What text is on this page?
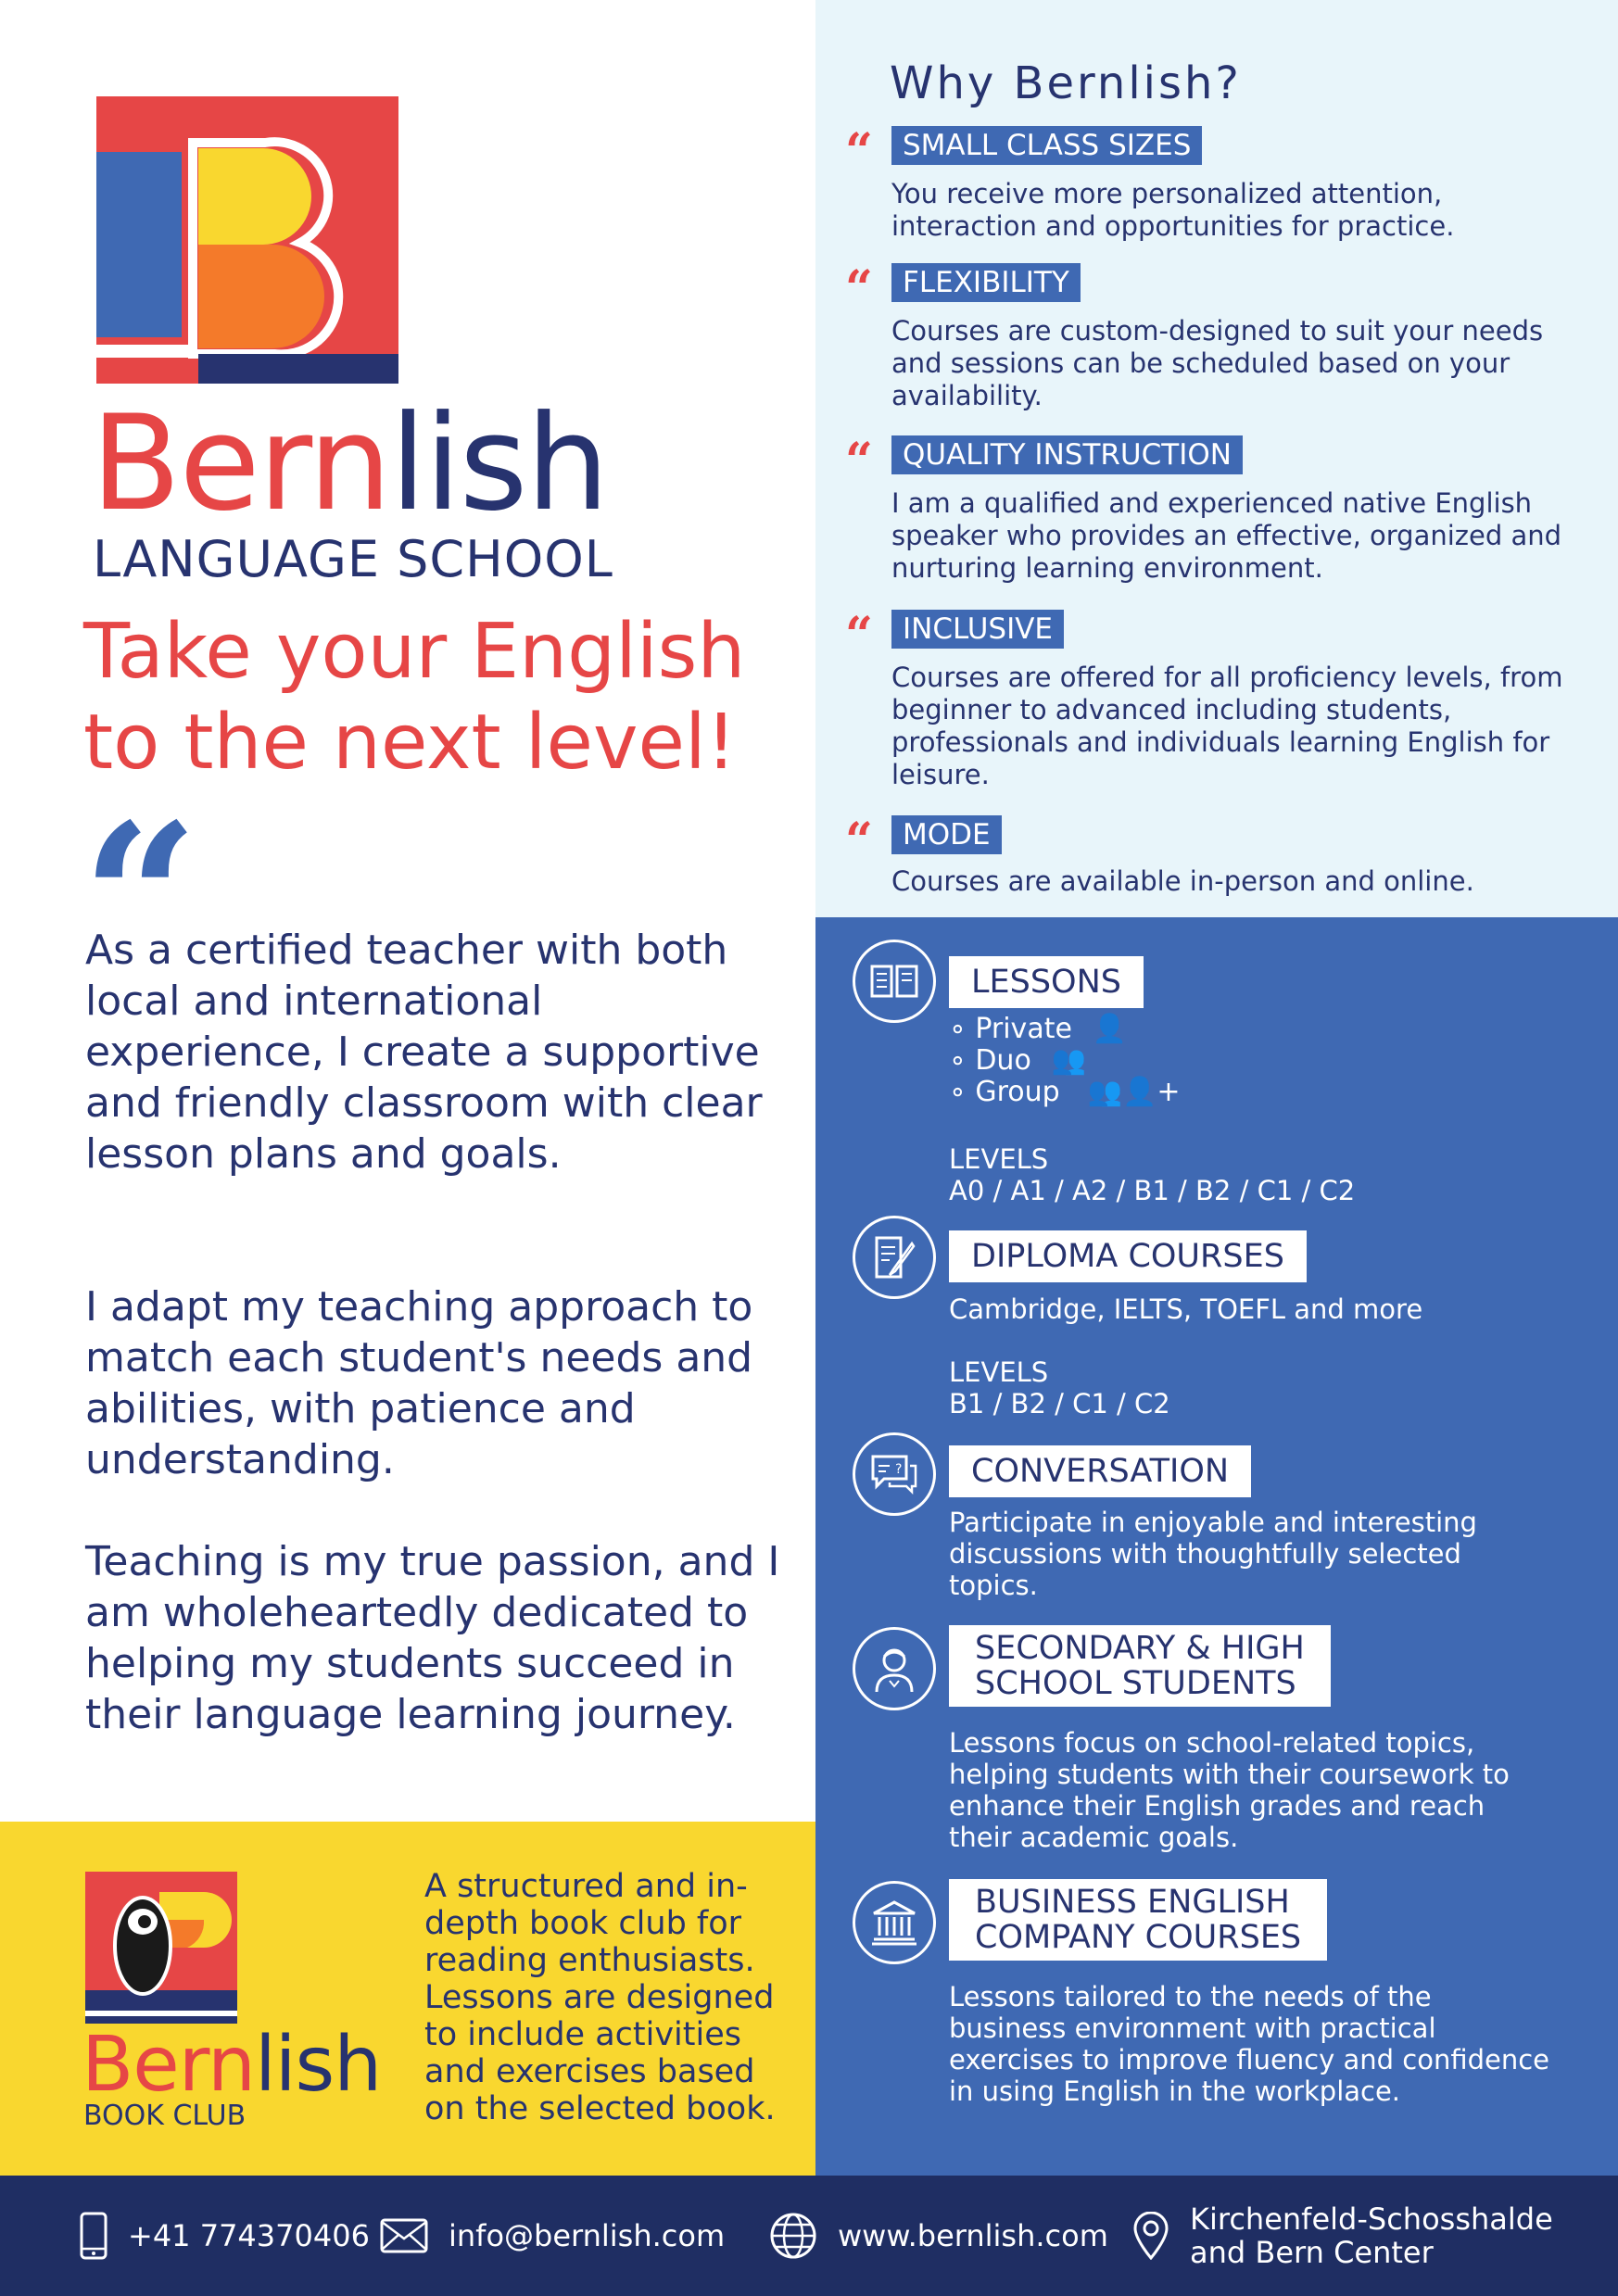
Bernlish
LANGUAGE SCHOOL
Take your English
to the next level!
“
As a certified teacher with both local and international experience, I create a supportive and friendly classroom with clear lesson plans and goals.
I adapt my teaching approach to match each student's needs and abilities, with patience and understanding.
Teaching is my true passion, and I am wholeheartedly dedicated to helping my students succeed in their language learning journey.
Why Bernlish?
“	SMALL CLASS SIZES
You receive more personalized attention, interaction and opportunities for practice.
“	FLEXIBILITY
Courses are custom-designed to suit your needs and sessions can be scheduled based on your availability.
“	QUALITY INSTRUCTION
I am a qualified and experienced native English speaker who provides an effective, organized and nurturing learning environment.
“	INCLUSIVE
Courses are offered for all proficiency levels, from beginner to advanced including students, professionals and individuals learning English for leisure.
“	MODE
Courses are available in-person and online.
LESSONS
∘ Private 👤
∘ Duo 👥
∘ Group 👥👤+
LEVELS
A0 / A1 / A2 / B1 / B2 / C1 / C2
DIPLOMA COURSES
Cambridge, IELTS, TOEFL and more
LEVELS
B1 / B2 / C1 / C2
?	CONVERSATION
Participate in enjoyable and interesting discussions with thoughtfully selected topics.
SECONDARY & HIGH
SCHOOL STUDENTS
Lessons focus on school-related topics, helping students with their coursework to enhance their English grades and reach their academic goals.
BUSINESS ENGLISH
COMPANY COURSES
Lessons tailored to the needs of the business environment with practical exercises to improve fluency and confidence in using English in the workplace.
Bernlish
BOOK CLUB
A structured and in-depth book club for reading enthusiasts. Lessons are designed to include activities and exercises based on the selected book.
+41 774370406	info@bernlish.com	www.bernlish.com	Kirchenfeld-Schosshalde
and Bern Center
